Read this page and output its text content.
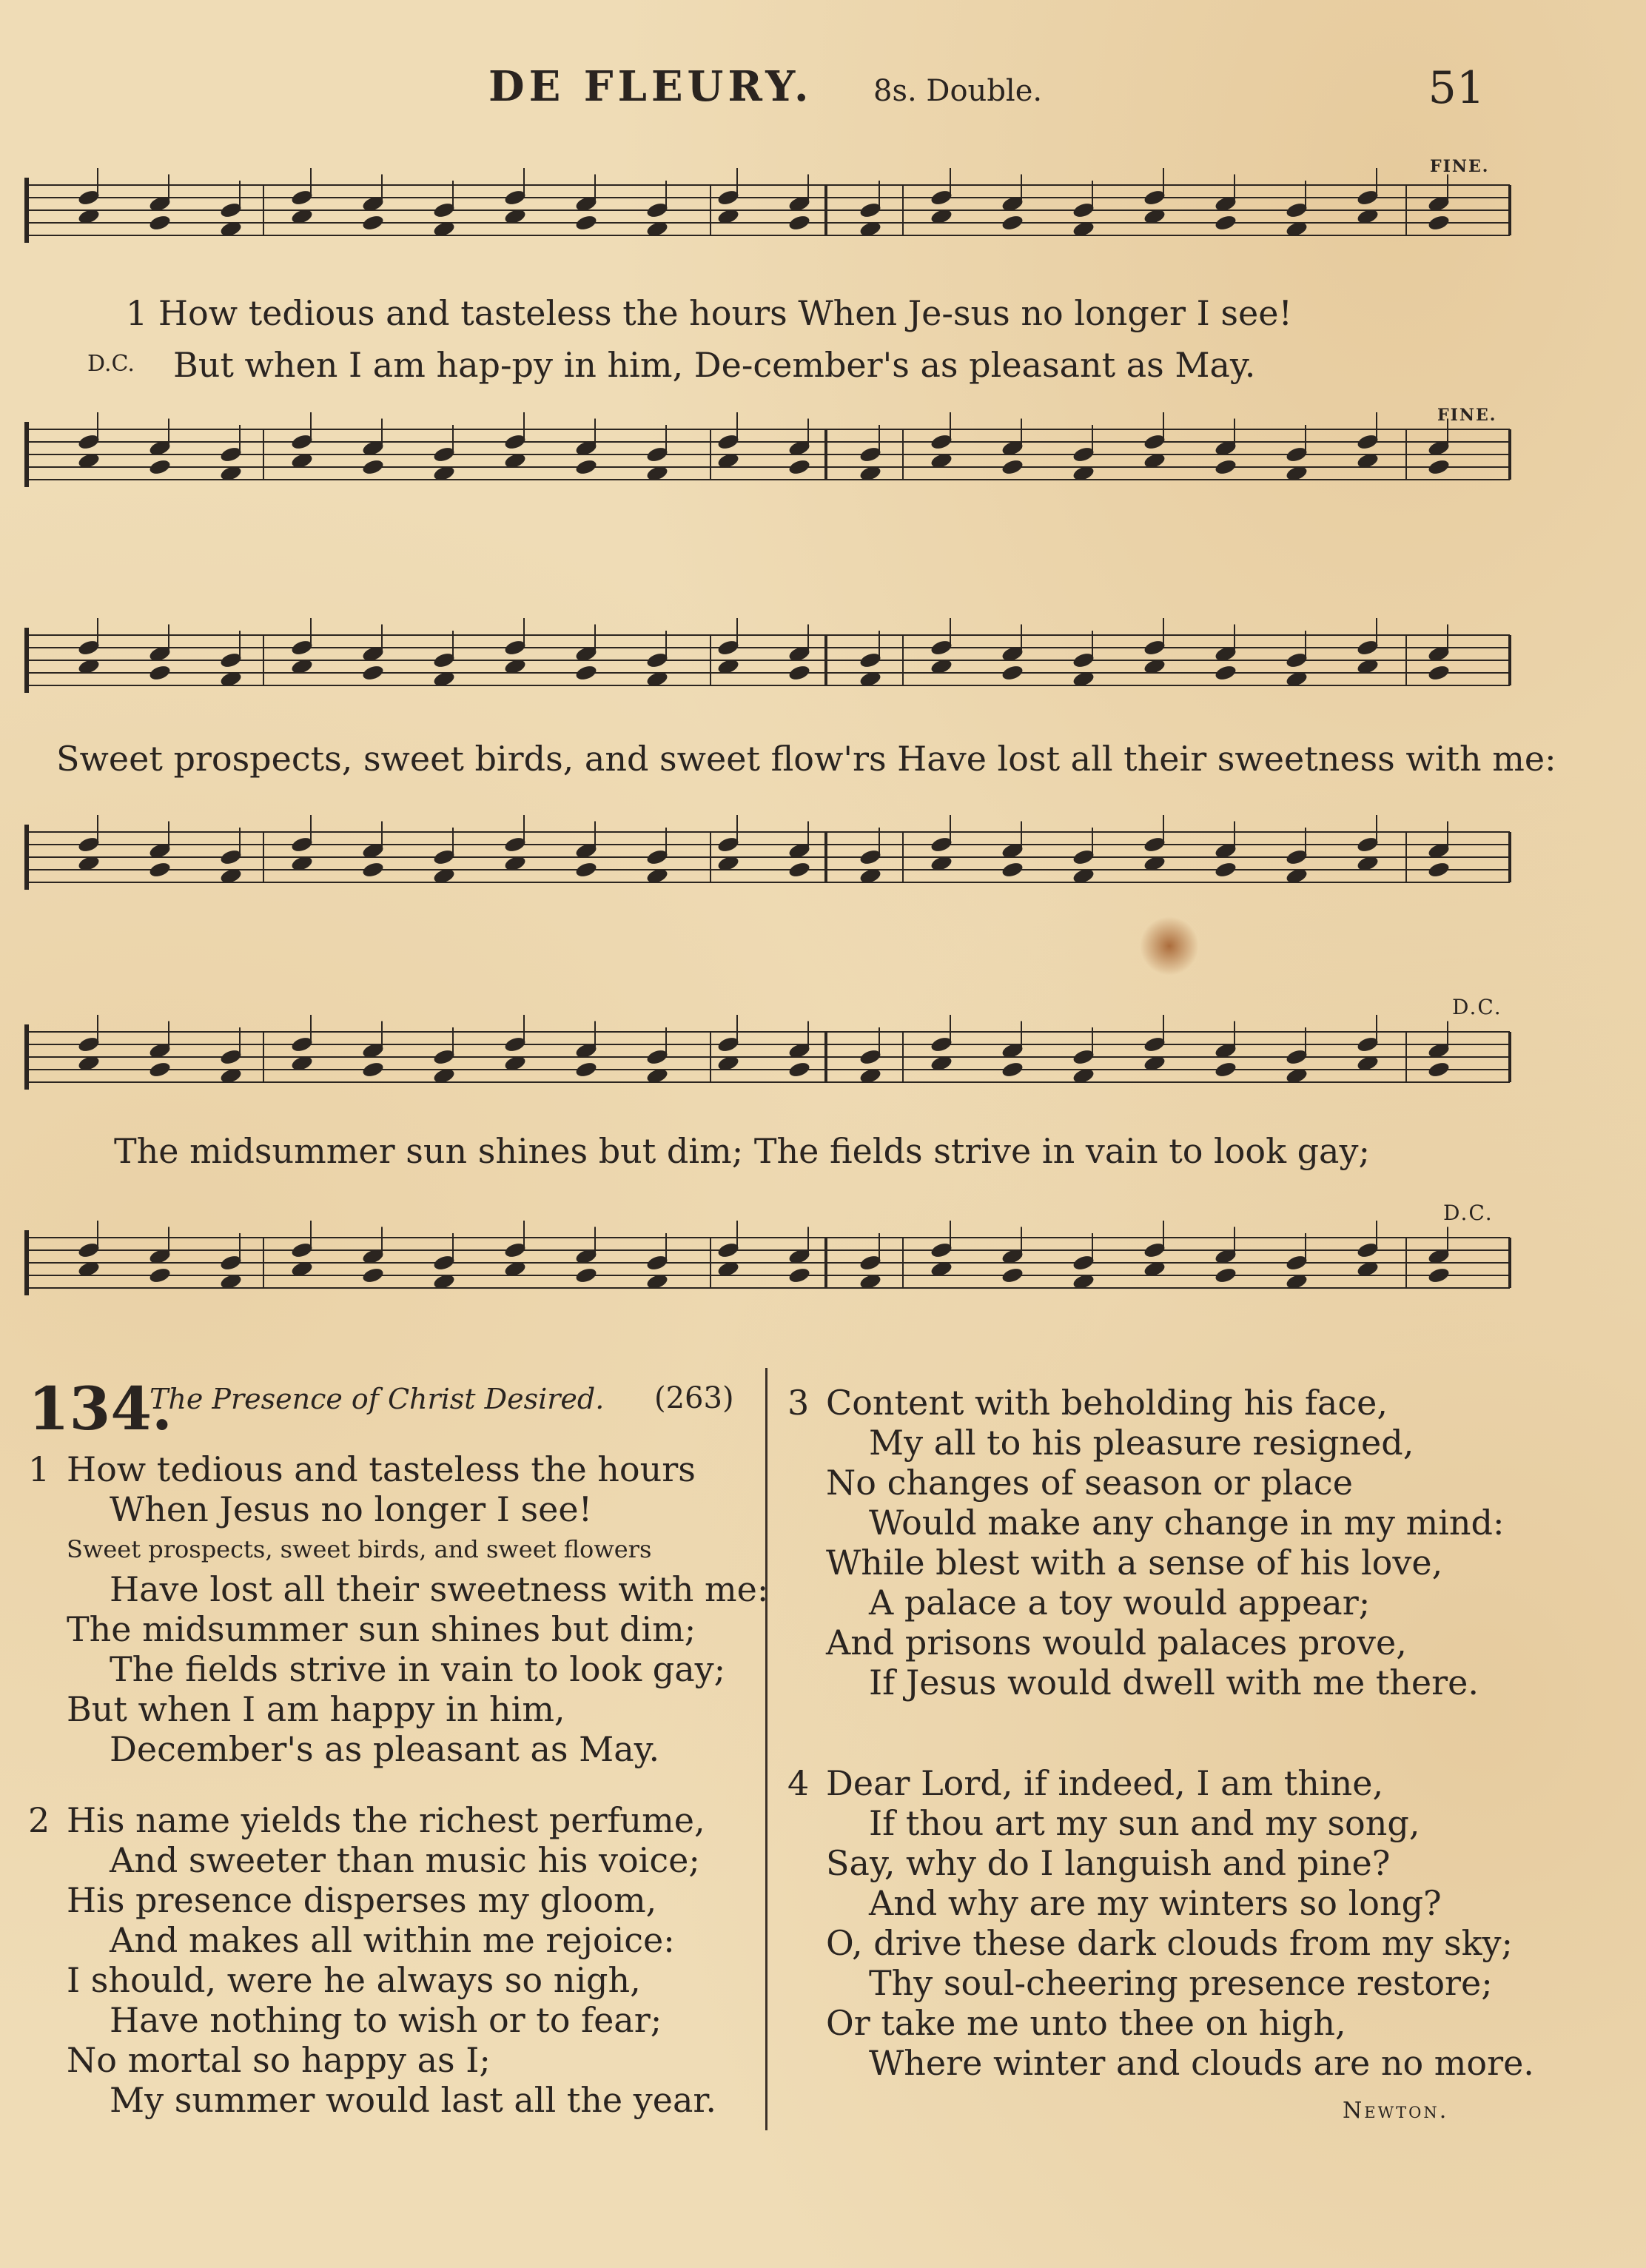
DE FLEURY. 8s. Double.	51
FINE.
FINE.
D.C.
D.C.
1 How tedious and tasteless the hours When Je-sus no longer I see!
D.C. But when I am hap-py in him, De-cember's as pleasant as May.
Sweet prospects, sweet birds, and sweet flow'rs Have lost all their sweetness with me:
The midsummer sun shines but dim; The fields strive in vain to look gay;
134.
The Presence of Christ Desired. (263)
1 How tedious and tasteless the hours
When Jesus no longer I see!
Sweet prospects, sweet birds, and sweet flowers
Have lost all their sweetness with me:
The midsummer sun shines but dim;
The fields strive in vain to look gay;
But when I am happy in him,
December's as pleasant as May.
2 His name yields the richest perfume,
And sweeter than music his voice;
His presence disperses my gloom,
And makes all within me rejoice:
I should, were he always so nigh,
Have nothing to wish or to fear;
No mortal so happy as I;
My summer would last all the year.
3 Content with beholding his face,
My all to his pleasure resigned,
No changes of season or place
Would make any change in my mind:
While blest with a sense of his love,
A palace a toy would appear;
And prisons would palaces prove,
If Jesus would dwell with me there.
4 Dear Lord, if indeed, I am thine,
If thou art my sun and my song,
Say, why do I languish and pine?
And why are my winters so long?
O, drive these dark clouds from my sky;
Thy soul-cheering presence restore;
Or take me unto thee on high,
Where winter and clouds are no more.
Newton.
